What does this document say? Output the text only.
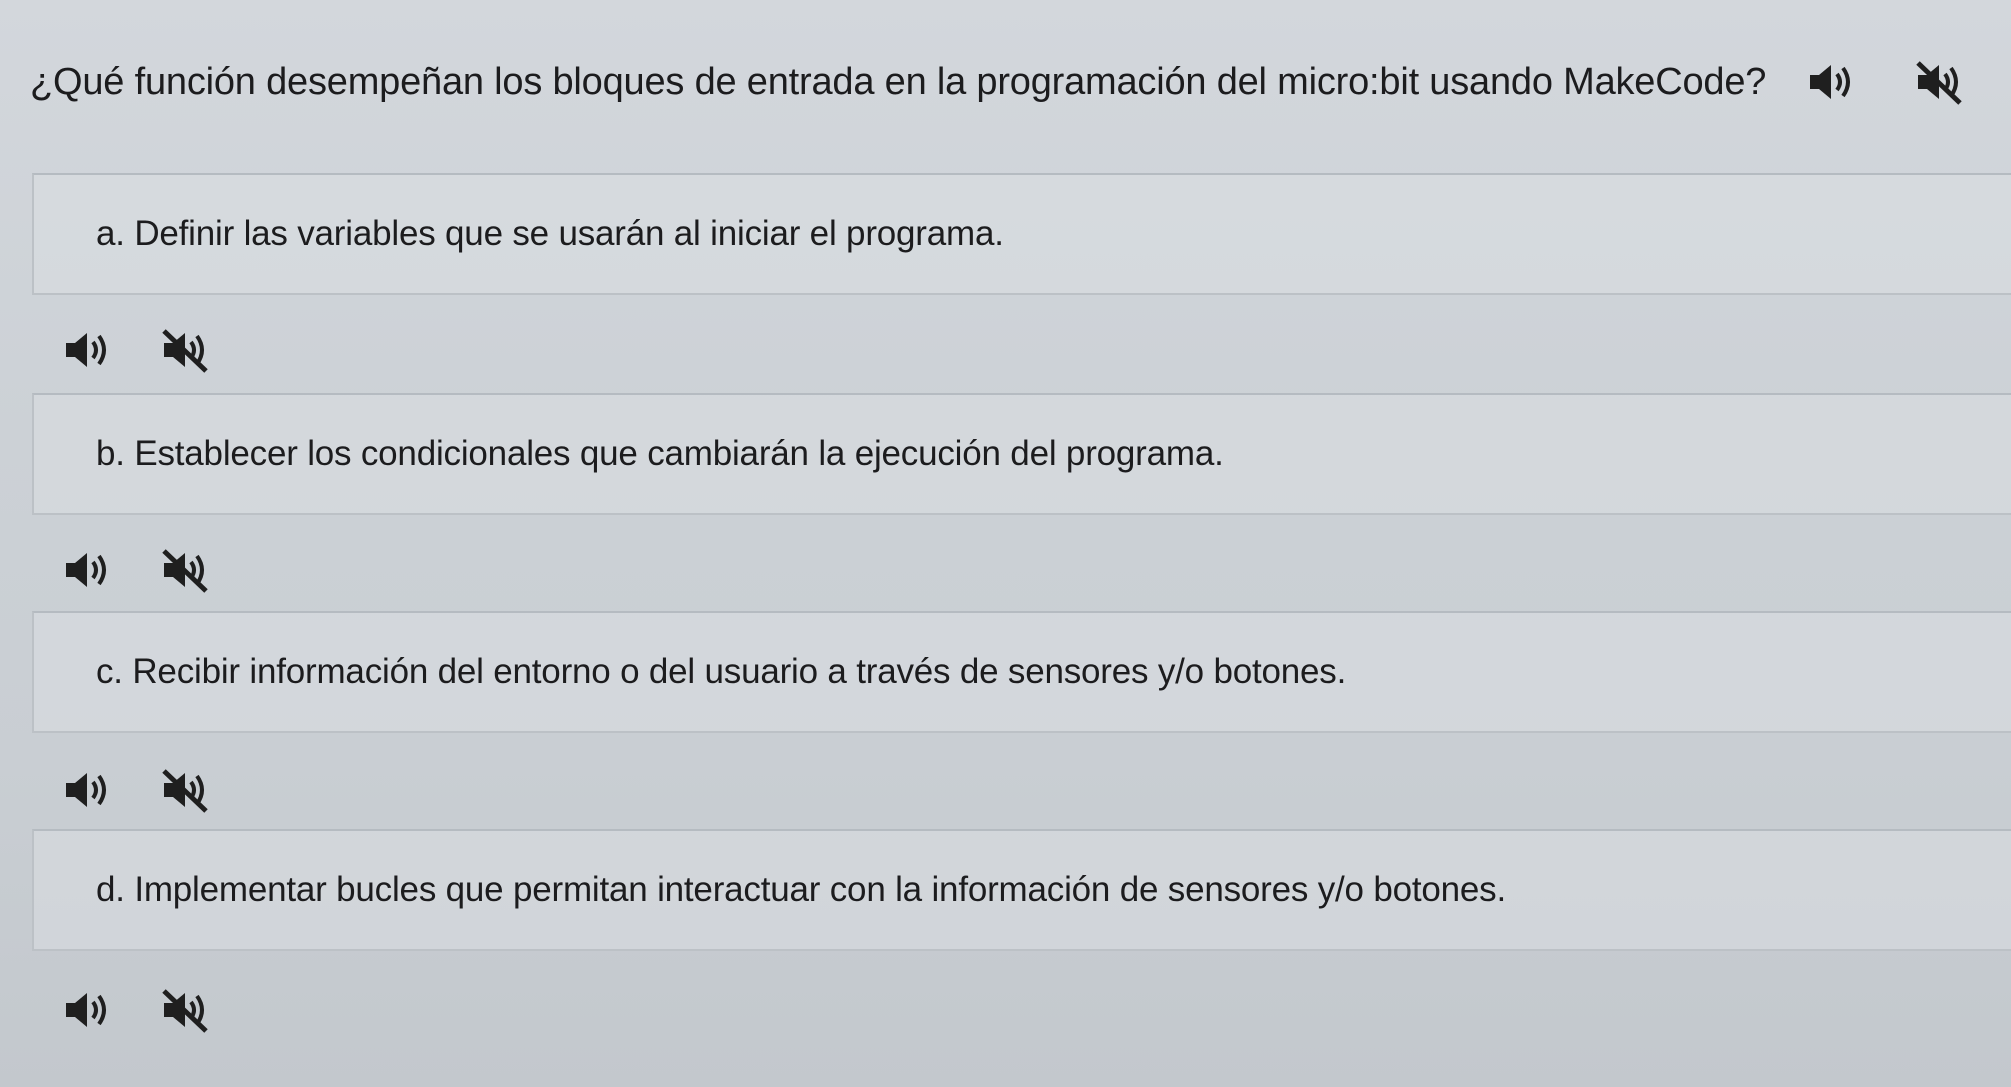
¿Qué función desempeñan los bloques de entrada en la programación del micro:bit usando MakeCode?
a. Definir las variables que se usarán al iniciar el programa.
b. Establecer los condicionales que cambiarán la ejecución del programa.
c. Recibir información del entorno o del usuario a través de sensores y/o botones.
d. Implementar bucles que permitan interactuar con la información de sensores y/o botones.
